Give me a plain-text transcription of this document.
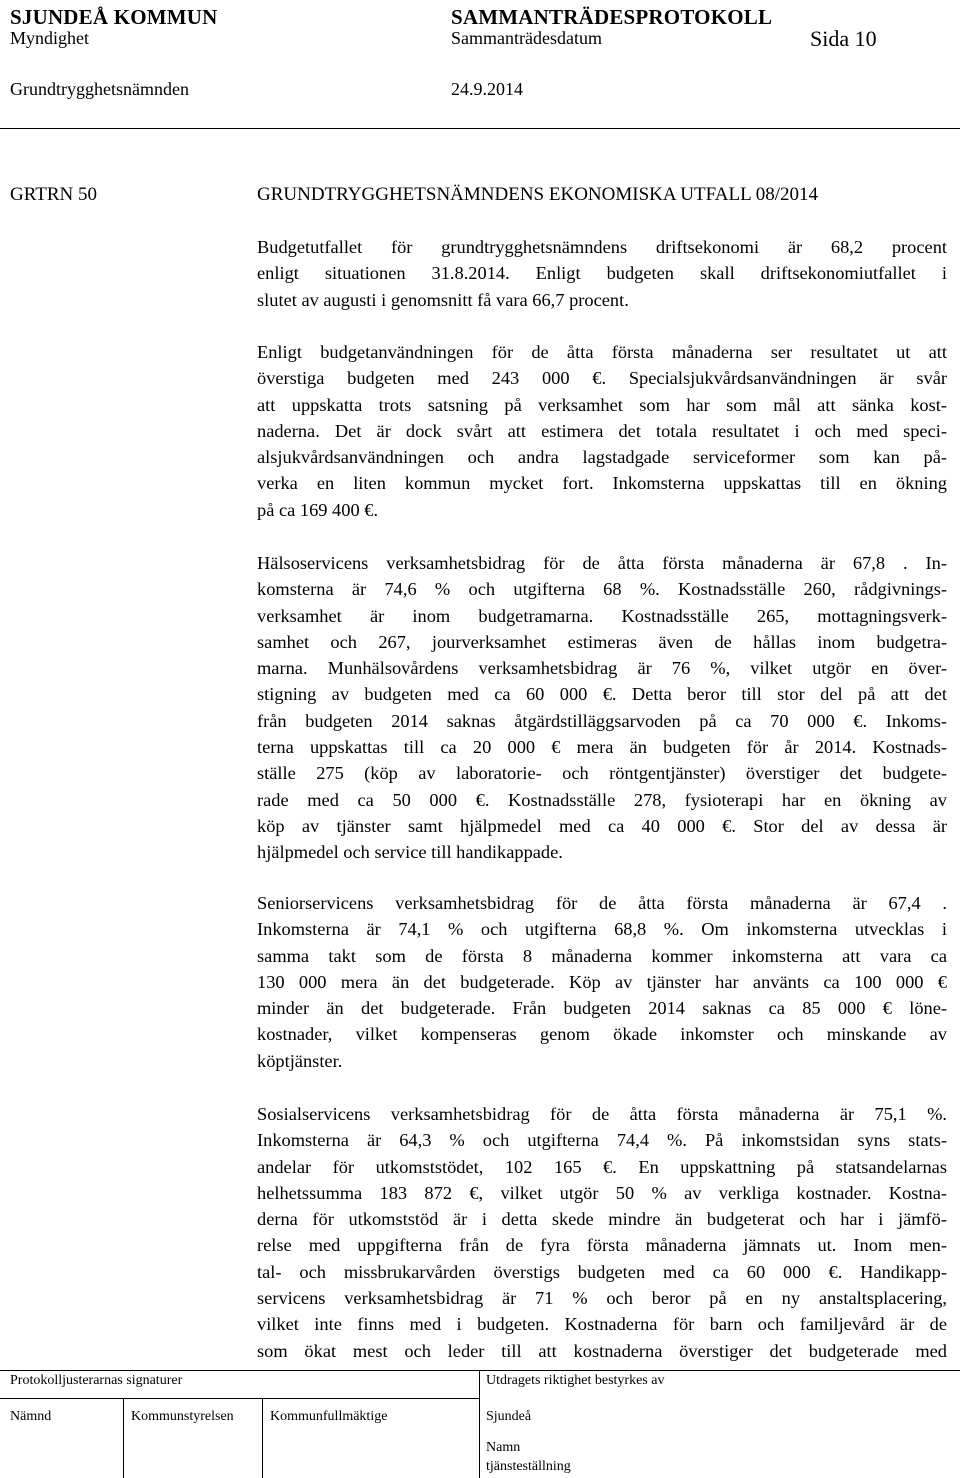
SJUNDEÅ KOMMUN	SAMMANTRÄDESPROTOKOLL
Myndighet	Sammanträdesdatum	Sida 10
Grundtrygghetsnämnden	24.9.2014
GRTRN 50	GRUNDTRYGGHETSNÄMNDENS EKONOMISKA UTFALL 08/2014
Budgetutfallet för grundtrygghetsnämndens driftsekonomi är 68,2 procent
enligt situationen 31.8.2014. Enligt budgeten skall driftsekonomiutfallet i
slutet av augusti i genomsnitt få vara 66,7 procent.
Enligt budgetanvändningen för de åtta första månaderna ser resultatet ut att
överstiga budgeten med 243 000 €. Specialsjukvårdsanvändningen är svår
att uppskatta trots satsning på verksamhet som har som mål att sänka kost-
naderna. Det är dock svårt att estimera det totala resultatet i och med speci-
alsjukvårdsanvändningen och andra lagstadgade serviceformer som kan på-
verka en liten kommun mycket fort. Inkomsterna uppskattas till en ökning
på ca 169 400 €.
Hälsoservicens verksamhetsbidrag för de åtta första månaderna är 67,8 . In-
komsterna är 74,6 % och utgifterna 68 %. Kostnadsställe 260, rådgivnings-
verksamhet är inom budgetramarna. Kostnadsställe 265, mottagningsverk-
samhet och 267, jourverksamhet estimeras även de hållas inom budgetra-
marna. Munhälsovårdens verksamhetsbidrag är 76 %, vilket utgör en över-
stigning av budgeten med ca 60 000 €. Detta beror till stor del på att det
från budgeten 2014 saknas åtgärdstilläggsarvoden på ca 70 000 €. Inkoms-
terna uppskattas till ca 20 000 € mera än budgeten för år 2014. Kostnads-
ställe 275 (köp av laboratorie- och röntgentjänster) överstiger det budgete-
rade med ca 50 000 €. Kostnadsställe 278, fysioterapi har en ökning av
köp av tjänster samt hjälpmedel med ca 40 000 €. Stor del av dessa är
hjälpmedel och service till handikappade.
Seniorservicens verksamhetsbidrag för de åtta första månaderna är 67,4 .
Inkomsterna är 74,1 % och utgifterna 68,8 %. Om inkomsterna utvecklas i
samma takt som de första 8 månaderna kommer inkomsterna att vara ca
130 000 mera än det budgeterade. Köp av tjänster har använts ca 100 000 €
minder än det budgeterade. Från budgeten 2014 saknas ca 85 000 € löne-
kostnader, vilket kompenseras genom ökade inkomster och minskande av
köptjänster.
Sosialservicens verksamhetsbidrag för de åtta första månaderna är 75,1 %.
Inkomsterna är 64,3 % och utgifterna 74,4 %. På inkomstsidan syns stats-
andelar för utkomststödet, 102 165 €. En uppskattning på statsandelarnas
helhetssumma 183 872 €, vilket utgör 50 % av verkliga kostnader. Kostna-
derna för utkomststöd är i detta skede mindre än budgeterat och har i jämfö-
relse med uppgifterna från de fyra första månaderna jämnats ut. Inom men-
tal- och missbrukarvården överstigs budgeten med ca 60 000 €. Handikapp-
servicens verksamhetsbidrag är 71 % och beror på en ny anstaltsplacering,
vilket inte finns med i budgeten. Kostnaderna för barn och familjevård är de
som ökat mest och leder till att kostnaderna överstiger det budgeterade med
Protokolljusterarnas signaturer	Utdragets riktighet bestyrkes av
Nämnd	Kommunstyrelsen	Kommunfullmäktige	Sjundeå
Namn
tjänsteställning
